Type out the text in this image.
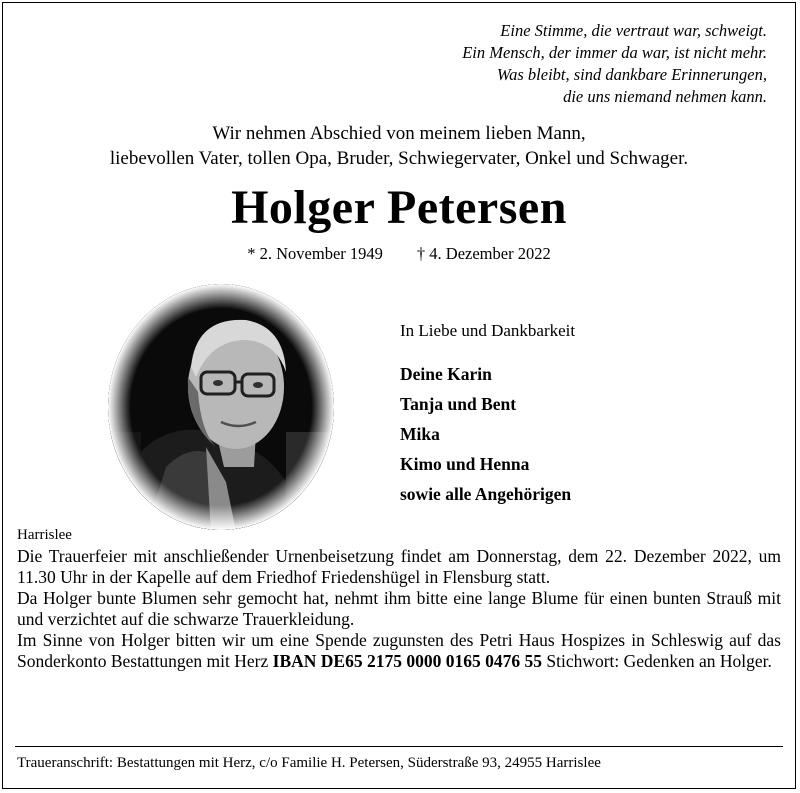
Eine Stimme, die vertraut war, schweigt.
Ein Mensch, der immer da war, ist nicht mehr.
Was bleibt, sind dankbare Erinnerungen,
die uns niemand nehmen kann.
Wir nehmen Abschied von meinem lieben Mann,
liebevollen Vater, tollen Opa, Bruder, Schwiegervater, Onkel und Schwager.
Holger Petersen
* 2. November 1949 † 4. Dezember 2022
In Liebe und Dankbarkeit
Deine Karin
Tanja und Bent
Mika
Kimo und Henna
sowie alle Angehörigen
Harrislee

Die Trauerfeier mit anschließender Urnenbeisetzung findet am Donnerstag, dem 22. Dezember 2022, um 11.30 Uhr in der Kapelle auf dem Friedhof Friedenshügel in Flensburg statt.

Da Holger bunte Blumen sehr gemocht hat, nehmt ihm bitte eine lange Blume für einen bunten Strauß mit und verzichtet auf die schwarze Trauerkleidung.

Im Sinne von Holger bitten wir um eine Spende zugunsten des Petri Haus Hospizes in Schleswig auf das Sonderkonto Bestattungen mit Herz IBAN DE65 2175 0000 0165 0476 55 Stichwort: Gedenken an Holger.

Traueranschrift: Bestattungen mit Herz, c/o Familie H. Petersen, Süderstraße 93, 24955 Harrislee
